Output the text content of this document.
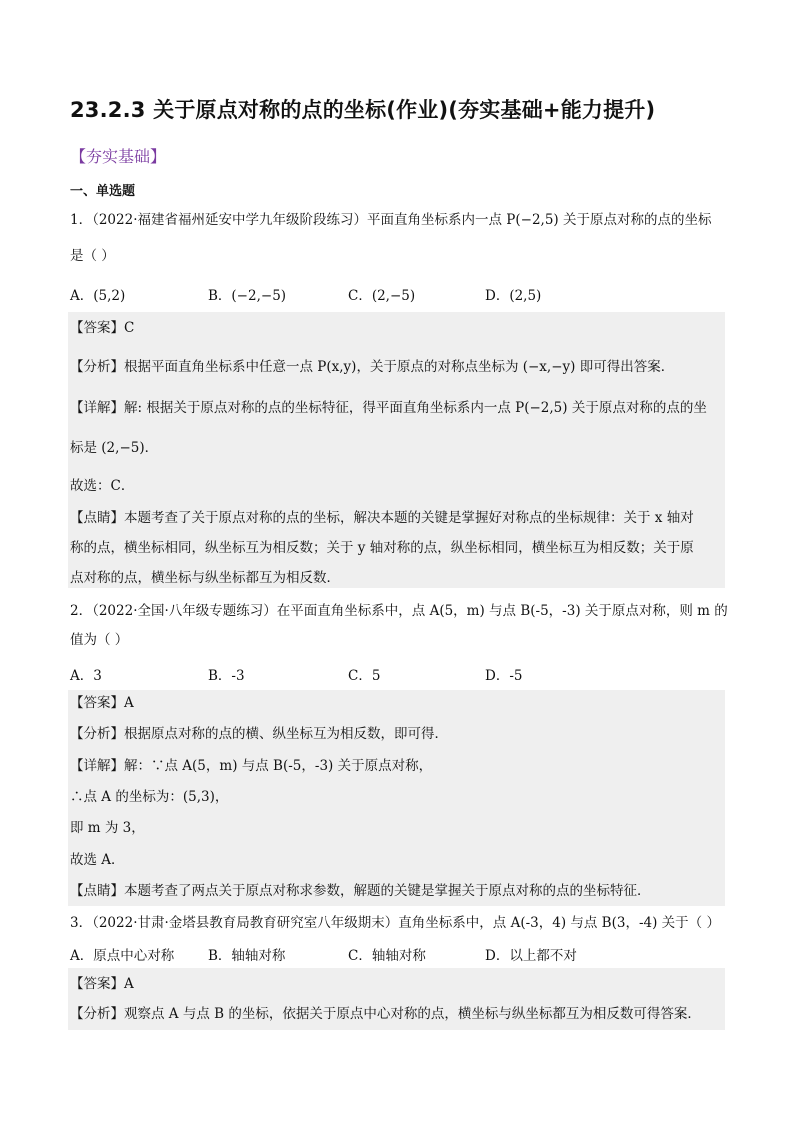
23.2.3 关于原点对称的点的坐标(作业)(夯实基础+能力提升)
【夯实基础】
一、单选题
1．（2022·福建省福州延安中学九年级阶段练习）平面直角坐标系内一点 P(−2,5) 关于原点对称的点的坐标
是（ ）
A．(5,2)	B．(−2,−5)	C．(2,−5)	D．(2,5)
【答案】C
【分析】根据平面直角坐标系中任意一点 P(x,y)，关于原点的对称点坐标为 (−x,−y) 即可得出答案．
【详解】解: 根据关于原点对称的点的坐标特征，得平面直角坐标系内一点 P(−2,5) 关于原点对称的点的坐
标是 (2,−5)．
故选：C．
【点睛】本题考查了关于原点对称的点的坐标，解决本题的关键是掌握好对称点的坐标规律：关于 x 轴对
称的点，横坐标相同，纵坐标互为相反数；关于 y 轴对称的点，纵坐标相同，横坐标互为相反数；关于原
点对称的点，横坐标与纵坐标都互为相反数．
2．（2022·全国·八年级专题练习）在平面直角坐标系中，点 A(5，m) 与点 B(-5，-3) 关于原点对称，则 m 的
值为（ ）
A．3	B．-3	C．5	D．-5
【答案】A
【分析】根据原点对称的点的横、纵坐标互为相反数，即可得．
【详解】解：∵点 A(5，m) 与点 B(-5，-3) 关于原点对称，
∴点 A 的坐标为：(5,3)，
即 m 为 3，
故选 A．
【点睛】本题考查了两点关于原点对称求参数，解题的关键是掌握关于原点对称的点的坐标特征．
3．（2022·甘肃·金塔县教育局教育研究室八年级期末）直角坐标系中，点 A(-3，4) 与点 B(3，-4) 关于（ ）
A．原点中心对称	B．轴轴对称	C．轴轴对称	D．以上都不对
【答案】A
【分析】观察点 A 与点 B 的坐标，依据关于原点中心对称的点，横坐标与纵坐标都互为相反数可得答案．
